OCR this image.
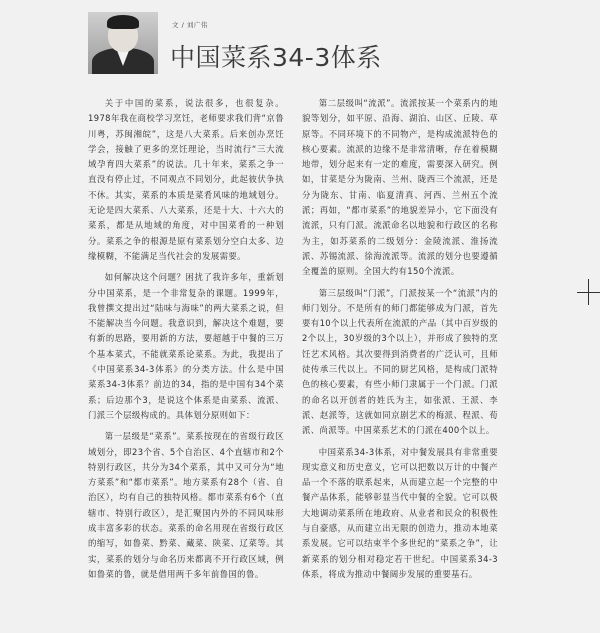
文 / 刘广伟
中国菜系34-3体系

关于中国的菜系，说法很多，也很复杂。1978年我在商校学习烹饪，老师要求我们背“京鲁川粤，苏闽湘皖”，这是八大菜系。后来创办烹饪学会，接触了更多的烹饪理论，当时流行“三大流域孕育四大菜系”的说法。几十年来，菜系之争一直没有停止过，不同观点不同划分，此起彼伏争执不休。其实，菜系的本质是菜肴风味的地域划分。无论是四大菜系、八大菜系，还是十大、十六大的菜系，都是从地域的角度，对中国菜肴的一种划分。菜系之争的根源是原有菜系划分空白太多、边缘模糊，不能满足当代社会的发展需要。

如何解决这个问题？困扰了我许多年，重新划分中国菜系，是一个非常复杂的课题。1999年，我曾撰文提出过“陆味与海味”的两大菜系之说，但不能解决当今问题。我意识到，解决这个难题，要有新的思路，要用新的方法，要超越于中餐的三万个基本菜式，不能就菜系论菜系。为此，我提出了《中国菜系34-3体系》的分类方法。什么是中国菜系34-3体系？前边的34，指的是中国有34个菜系；后边那个3，是说这个体系是由菜系、流派、门派三个层级构成的。具体划分原则如下：

第一层级是“菜系”。菜系按现在的省级行政区域划分，即23个省、5个自治区、4个直辖市和2个特别行政区，共分为34个菜系，其中又可分为“地方菜系”和“都市菜系”。地方菜系有28个（省、自治区），均有自己的独特风格。都市菜系有6个（直辖市、特别行政区），是汇聚国内外的不同风味形成丰富多彩的状态。菜系的命名用现在省级行政区的缩写，如鲁菜、黔菜、藏菜、陕菜、辽菜等。其实，菜系的划分与命名历来都离不开行政区域，例如鲁菜的鲁，就是借用两千多年前鲁国的鲁。

第二层级叫“流派”。流派按某一个菜系内的地貌等划分，如平原、沿海、湖泊、山区、丘陵、草原等。不同环境下的不同物产，是构成流派特色的核心要素。流派的边缘不是非常清晰，存在着模糊地带，划分起来有一定的难度，需要深入研究。例如，甘菜是分为陇南、兰州、陇西三个流派，还是分为陇东、甘南、临夏清真、河西、兰州五个流派；再如，“都市菜系”的地貌差异小，它下面没有流派，只有门派。流派命名以地貌和行政区的名称为主，如苏菜系的二级划分：金陵流派、淮扬流派、苏锡流派、徐海流派等。流派的划分也要遵循全覆盖的原则。全国大约有150个流派。

第三层级叫“门派”，门派按某一个“流派”内的师门划分。不是所有的师门都能够成为门派，首先要有10个以上代表所在流派的产品（其中百岁级的2个以上，30岁级的3个以上），并形成了独特的烹饪艺术风格。其次要得到消费者的广泛认可，且师徒传承三代以上。不同的厨艺风格，是构成门派特色的核心要素，有些小师门隶属于一个门派。门派的命名以开创者的姓氏为主，如张派、王派、李派、赵派等，这就如同京剧艺术的梅派、程派、荀派、尚派等。中国菜系艺术的门派在400个以上。

中国菜系34-3体系，对中餐发展具有非常重要现实意义和历史意义，它可以把数以万计的中餐产品一个不落的联系起来，从而建立起一个完整的中餐产品体系，能够彰显当代中餐的全貌。它可以极大地调动菜系所在地政府、从业者和民众的积极性与自豪感，从而建立出无限的创造力，推动本地菜系发展。它可以结束半个多世纪的“菜系之争”，让新菜系的划分相对稳定若干世纪。中国菜系34-3体系，将成为推动中餐阔步发展的重要基石。
